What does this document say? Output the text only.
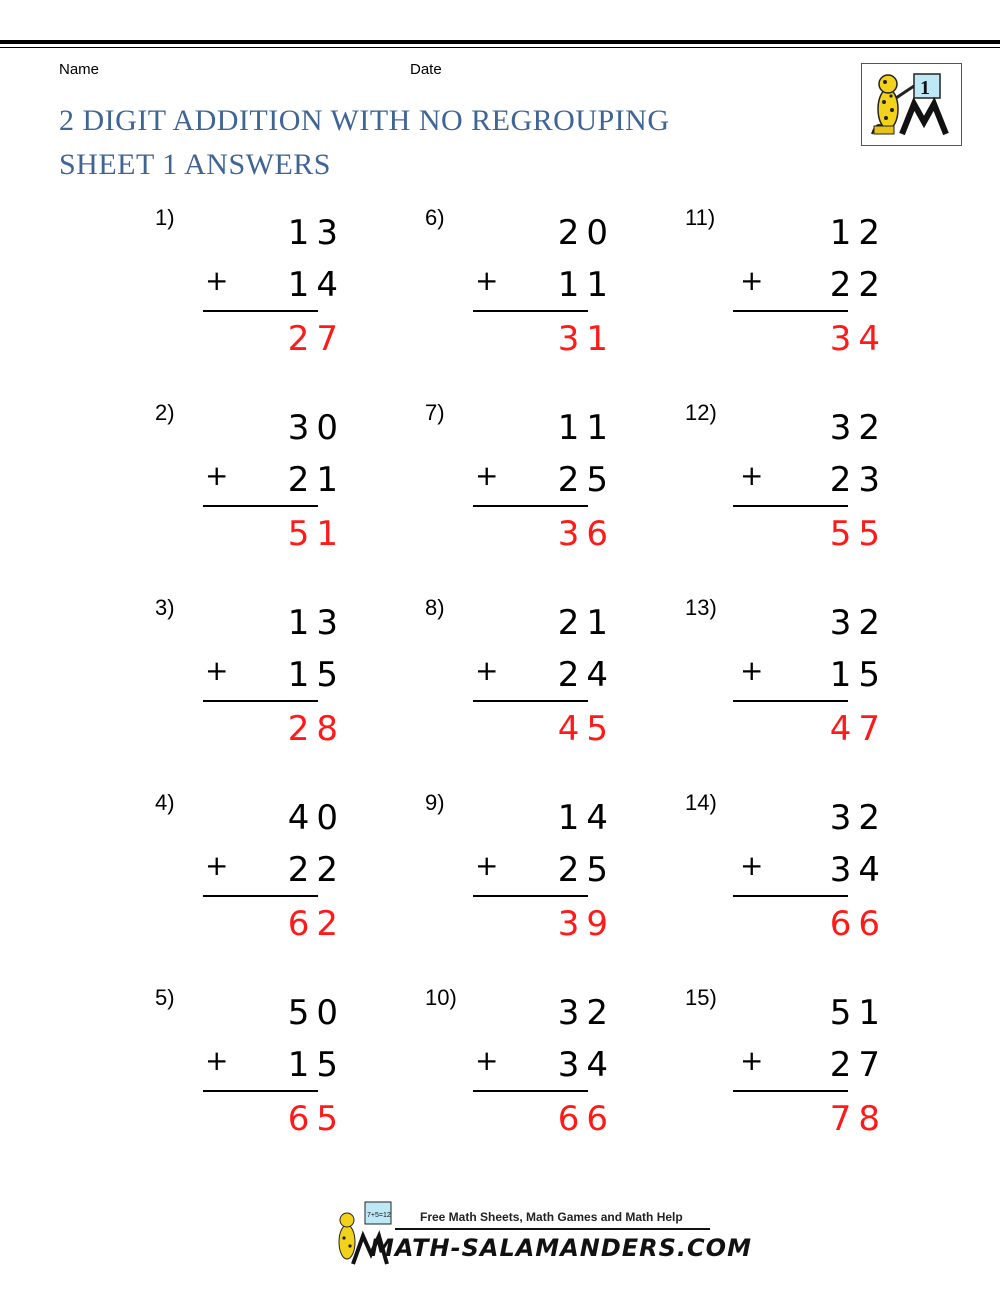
Name	Date
2 DIGIT ADDITION WITH NO REGROUPING
SHEET 1 ANSWERS
1
1)	13
+	14
27
2)	30
+	21
51
3)	13
+	15
28
4)	40
+	22
62
5)	50
+	15
65
6)	20
+	11
31
7)	11
+	25
36
8)	21
+	24
45
9)	14
+	25
39
10)	32
+	34
66
11)	12
+	22
34
12)	32
+	23
55
13)	32
+	15
47
14)	32
+	34
66
15)	51
+	27
78
7+5=12 Free Math Sheets, Math Games and Math Help
MATH-SALAMANDERS.COM
